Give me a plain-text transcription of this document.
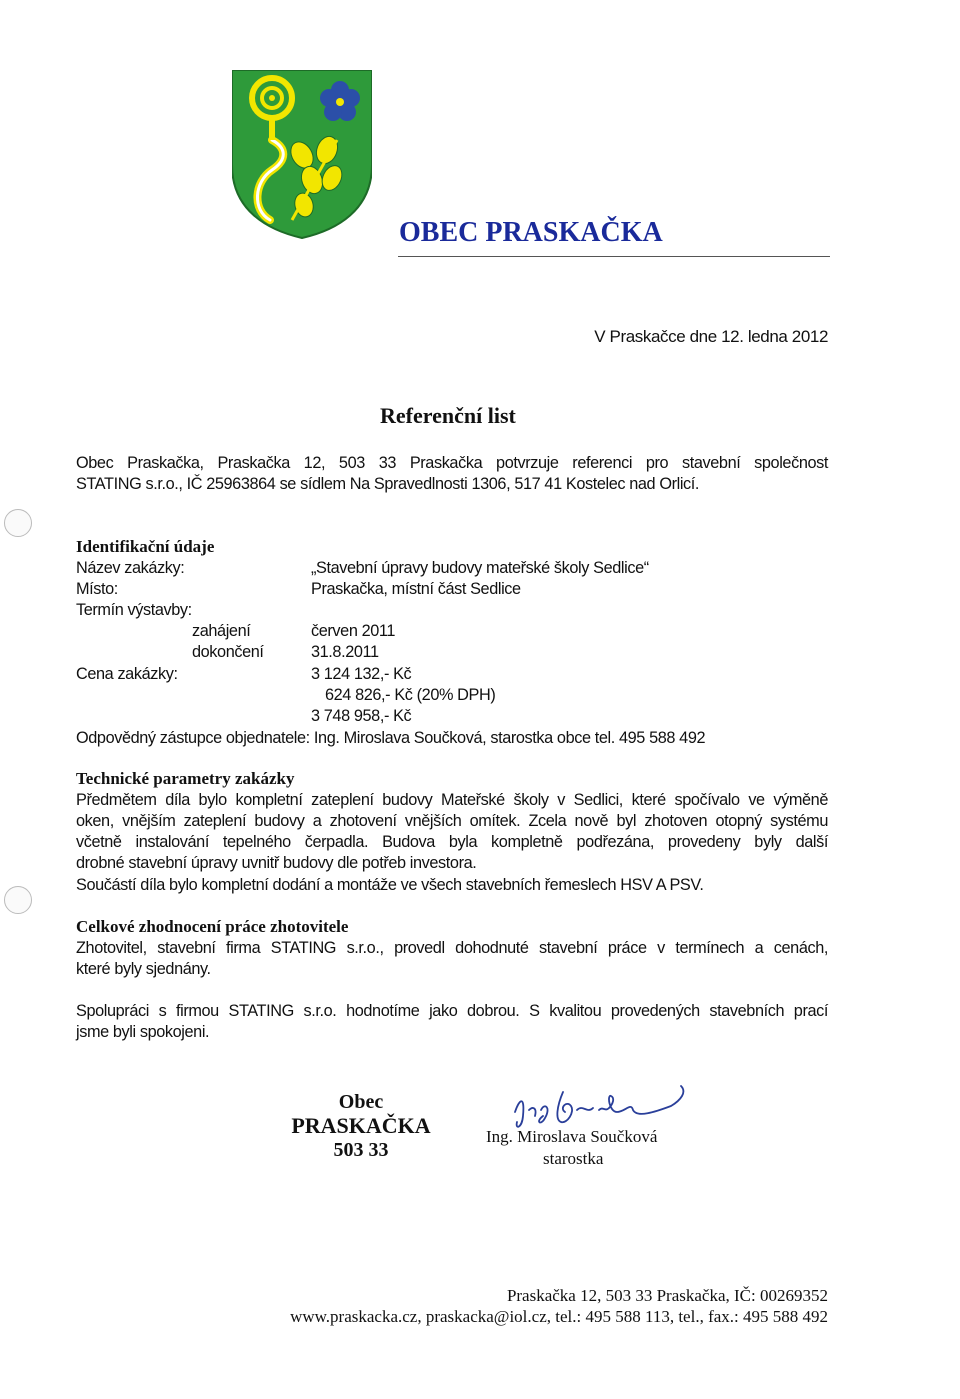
OBEC PRASKAČKA
V Praskačce dne 12. ledna 2012
Referenční list
Obec Praskačka, Praskačka 12, 503 33 Praskačka potvrzuje referenci pro stavební společnost
STATING s.r.o., IČ 25963864 se sídlem Na Spravedlnosti 1306, 517 41 Kostelec nad Orlicí.
Identifikační údaje
Název zakázky:	„Stavební úpravy budovy mateřské školy Sedlice“
Místo:	Praskačka, místní část Sedlice
Termín výstavby:
zahájení	červen 2011
dokončení	31.8.2011
Cena zakázky:	3 124 132,- Kč
624 826,- Kč (20% DPH)
3 748 958,- Kč
Odpovědný zástupce objednatele: Ing. Miroslava Součková, starostka obce tel. 495 588 492
Technické parametry zakázky
Předmětem díla bylo kompletní zateplení budovy Mateřské školy v Sedlici, které spočívalo ve výměně
oken, vnějším zateplení budovy a zhotovení vnějších omítek. Zcela nově byl zhotoven otopný systému
včetně instalování tepelného čerpadla. Budova byla kompletně podřezána, provedeny byly další
drobné stavební úpravy uvnitř budovy dle potřeb investora.
Součástí díla bylo kompletní dodání a montáže ve všech stavebních řemeslech HSV A PSV.
Celkové zhodnocení práce zhotovitele
Zhotovitel, stavební firma STATING s.r.o., provedl dohodnuté stavební práce v termínech a cenách,
které byly sjednány.
Spolupráci s firmou STATING s.r.o. hodnotíme jako dobrou. S kvalitou provedených stavebních prací
jsme byli spokojeni.
Obec
PRASKAČKA
503 33
Ing. Miroslava Součková
starostka
Praskačka 12, 503 33 Praskačka, IČ: 00269352
www.praskacka.cz, praskacka@iol.cz, tel.: 495 588 113, tel., fax.: 495 588 492
